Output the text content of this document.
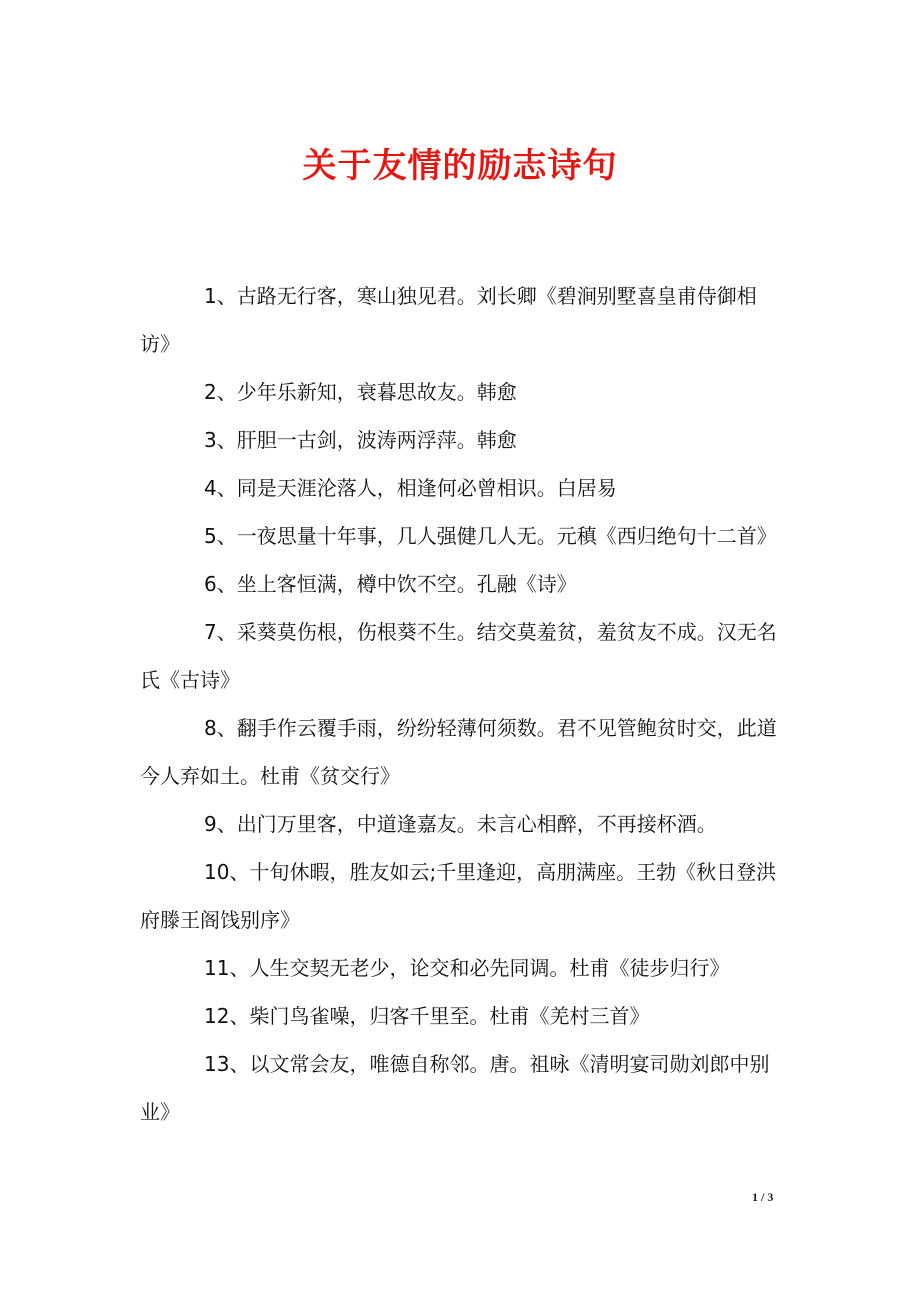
关于友情的励志诗句

1、古路无行客，寒山独见君。刘长卿《碧涧别墅喜皇甫侍御相访》

2、少年乐新知，衰暮思故友。韩愈

3、肝胆一古剑，波涛两浮萍。韩愈

4、同是天涯沦落人，相逢何必曾相识。白居易

5、一夜思量十年事，几人强健几人无。元稹《西归绝句十二首》

6、坐上客恒满，樽中饮不空。孔融《诗》

7、采葵莫伤根，伤根葵不生。结交莫羞贫，羞贫友不成。汉无名氏《古诗》

8、翻手作云覆手雨，纷纷轻薄何须数。君不见管鲍贫时交，此道今人弃如土。杜甫《贫交行》

9、出门万里客，中道逢嘉友。未言心相醉，不再接杯酒。

10、十旬休暇，胜友如云;千里逢迎，高朋满座。王勃《秋日登洪府滕王阁饯别序》

11、人生交契无老少，论交和必先同调。杜甫《徒步归行》

12、柴门鸟雀噪，归客千里至。杜甫《羌村三首》

13、以文常会友，唯德自称邻。唐。祖咏《清明宴司勋刘郎中别业》

1 / 3
